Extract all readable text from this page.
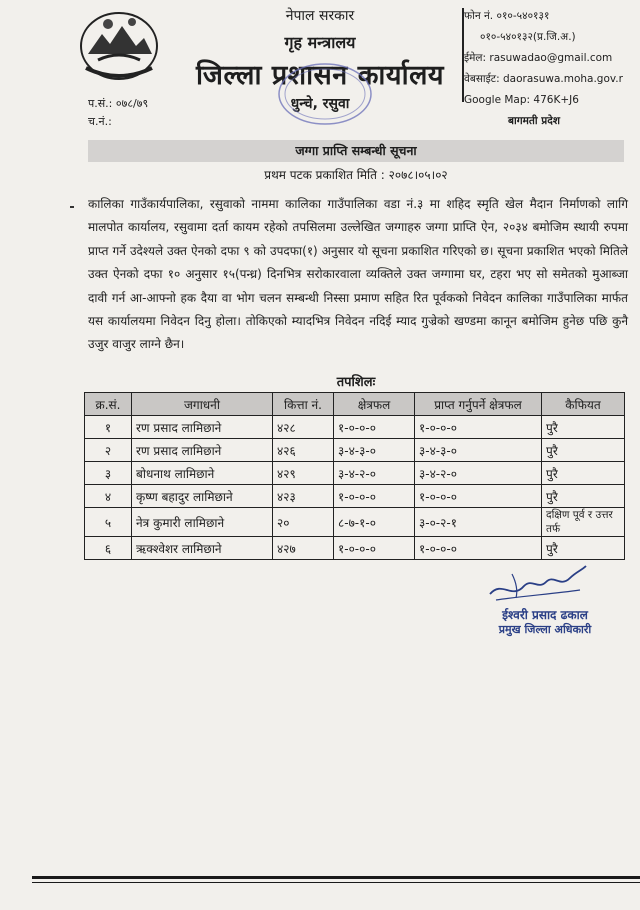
नेपाल सरकार
गृह मन्त्रालय
जिल्ला प्रशासन कार्यालय
धुन्चे, रसुवा
फोन नं. ०१०-५४०१३१
०१०-५४०१३२(प्र.जि.अ.)
ईमेल: rasuwadao@gmail.com
वेबसाईट: daorasuwa.moha.gov.r
Google Map: 476K+J6
बागमती प्रदेश
प.सं.: ०७८/७९
च.नं.:
जग्गा प्राप्ति सम्बन्धी सूचना
प्रथम पटक प्रकाशित मिति : २०७८।०५।०२
कालिका गाउँकार्यपालिका, रसुवाको नाममा कालिका गाउँपालिका वडा नं.३ मा शहिद स्मृति खेल मैदान निर्माणको लागि मालपोत कार्यालय, रसुवामा दर्ता कायम रहेको तपसिलमा उल्लेखित जग्गाहरु जग्गा प्राप्ति ऐन, २०३४ बमोजिम स्थायी रुपमा प्राप्त गर्ने उदेश्यले उक्त ऐनको दफा ९ को उपदफा(१) अनुसार यो सूचना प्रकाशित गरिएको छ। सूचना प्रकाशित भएको मितिले उक्त ऐनको दफा १० अनुसार १५(पन्ध्र) दिनभित्र सरोकारवाला व्यक्तिले उक्त जग्गामा घर, टहरा भए सो समेतको मुआब्जा दावी गर्न आ-आफ्नो हक दैया वा भोग चलन सम्बन्धी निस्सा प्रमाण सहित रित पूर्वकको निवेदन कालिका गाउँपालिका मार्फत यस कार्यालयमा निवेदन दिनु होला। तोकिएको म्यादभित्र निवेदन नदिई म्याद गुज्रेको खण्डमा कानून बमोजिम हुनेछ पछि कुनै उजुर वाजुर लाग्ने छैन।
तपशिलः
क्र.सं.	जगाधनी	कित्ता नं.	क्षेत्रफल	प्राप्त गर्नुपर्ने क्षेत्रफल	कैफियत
१	रण प्रसाद लामिछाने	४२८	१-०-०-०	१-०-०-०	पुरै
२	रण प्रसाद लामिछाने	४२६	३-४-३-०	३-४-३-०	पुरै
३	बोधनाथ लामिछाने	४२९	३-४-२-०	३-४-२-०	पुरै
४	कृष्ण बहादुर लामिछाने	४२३	१-०-०-०	१-०-०-०	पुरै
५	नेत्र कुमारी लामिछाने	२०	८-७-१-०	३-०-२-१	दक्षिण पूर्व र उत्तर तर्फ
६	ऋक्श्वेशर लामिछाने	४२७	१-०-०-०	१-०-०-०	पुरै
ईश्वरी प्रसाद ढकाल
प्रमुख जिल्ला अधिकारी
